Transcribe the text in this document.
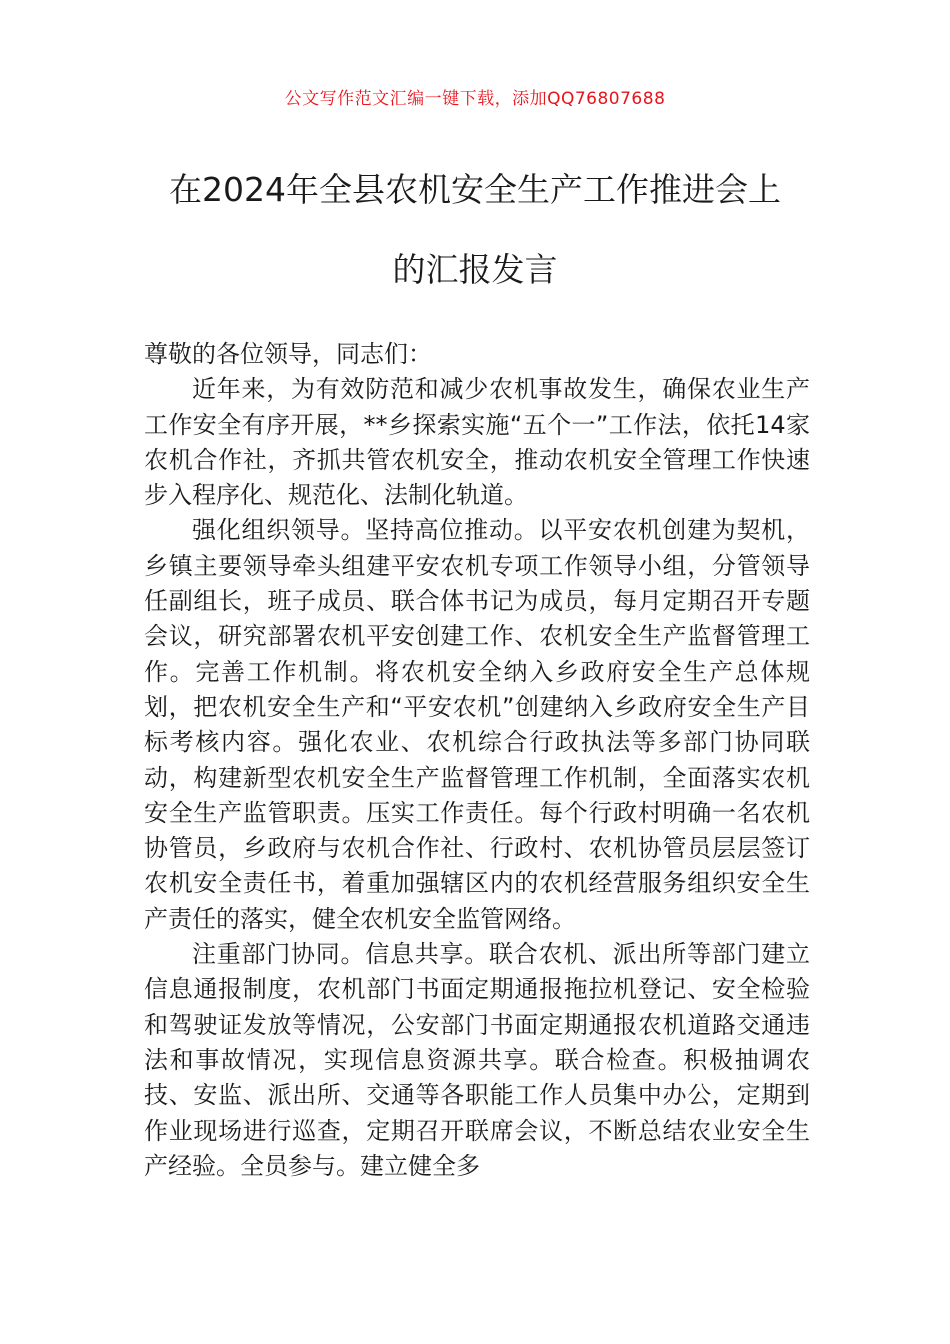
公文写作范文汇编一键下载，添加QQ76807688
在2024年全县农机安全生产工作推进会上
的汇报发言

尊敬的各位领导，同志们：

近年来，为有效防范和减少农机事故发生，确保农业生产工作安全有序开展，**乡探索实施“五个一”工作法，依托14家农机合作社，齐抓共管农机安全，推动农机安全管理工作快速步入程序化、规范化、法制化轨道。

强化组织领导。坚持高位推动。以平安农机创建为契机，乡镇主要领导牵头组建平安农机专项工作领导小组，分管领导任副组长，班子成员、联合体书记为成员，每月定期召开专题会议，研究部署农机平安创建工作、农机安全生产监督管理工作。完善工作机制。将农机安全纳入乡政府安全生产总体规划，把农机安全生产和“平安农机”创建纳入乡政府安全生产目标考核内容。强化农业、农机综合行政执法等多部门协同联动，构建新型农机安全生产监督管理工作机制，全面落实农机安全生产监管职责。压实工作责任。每个行政村明确一名农机协管员，乡政府与农机合作社、行政村、农机协管员层层签订农机安全责任书，着重加强辖区内的农机经营服务组织安全生产责任的落实，健全农机安全监管网络。

注重部门协同。信息共享。联合农机、派出所等部门建立信息通报制度，农机部门书面定期通报拖拉机登记、安全检验和驾驶证发放等情况，公安部门书面定期通报农机道路交通违法和事故情况，实现信息资源共享。联合检查。积极抽调农技、安监、派出所、交通等各职能工作人员集中办公，定期到作业现场进行巡查，定期召开联席会议，不断总结农业安全生产经验。全员参与。建立健全多
